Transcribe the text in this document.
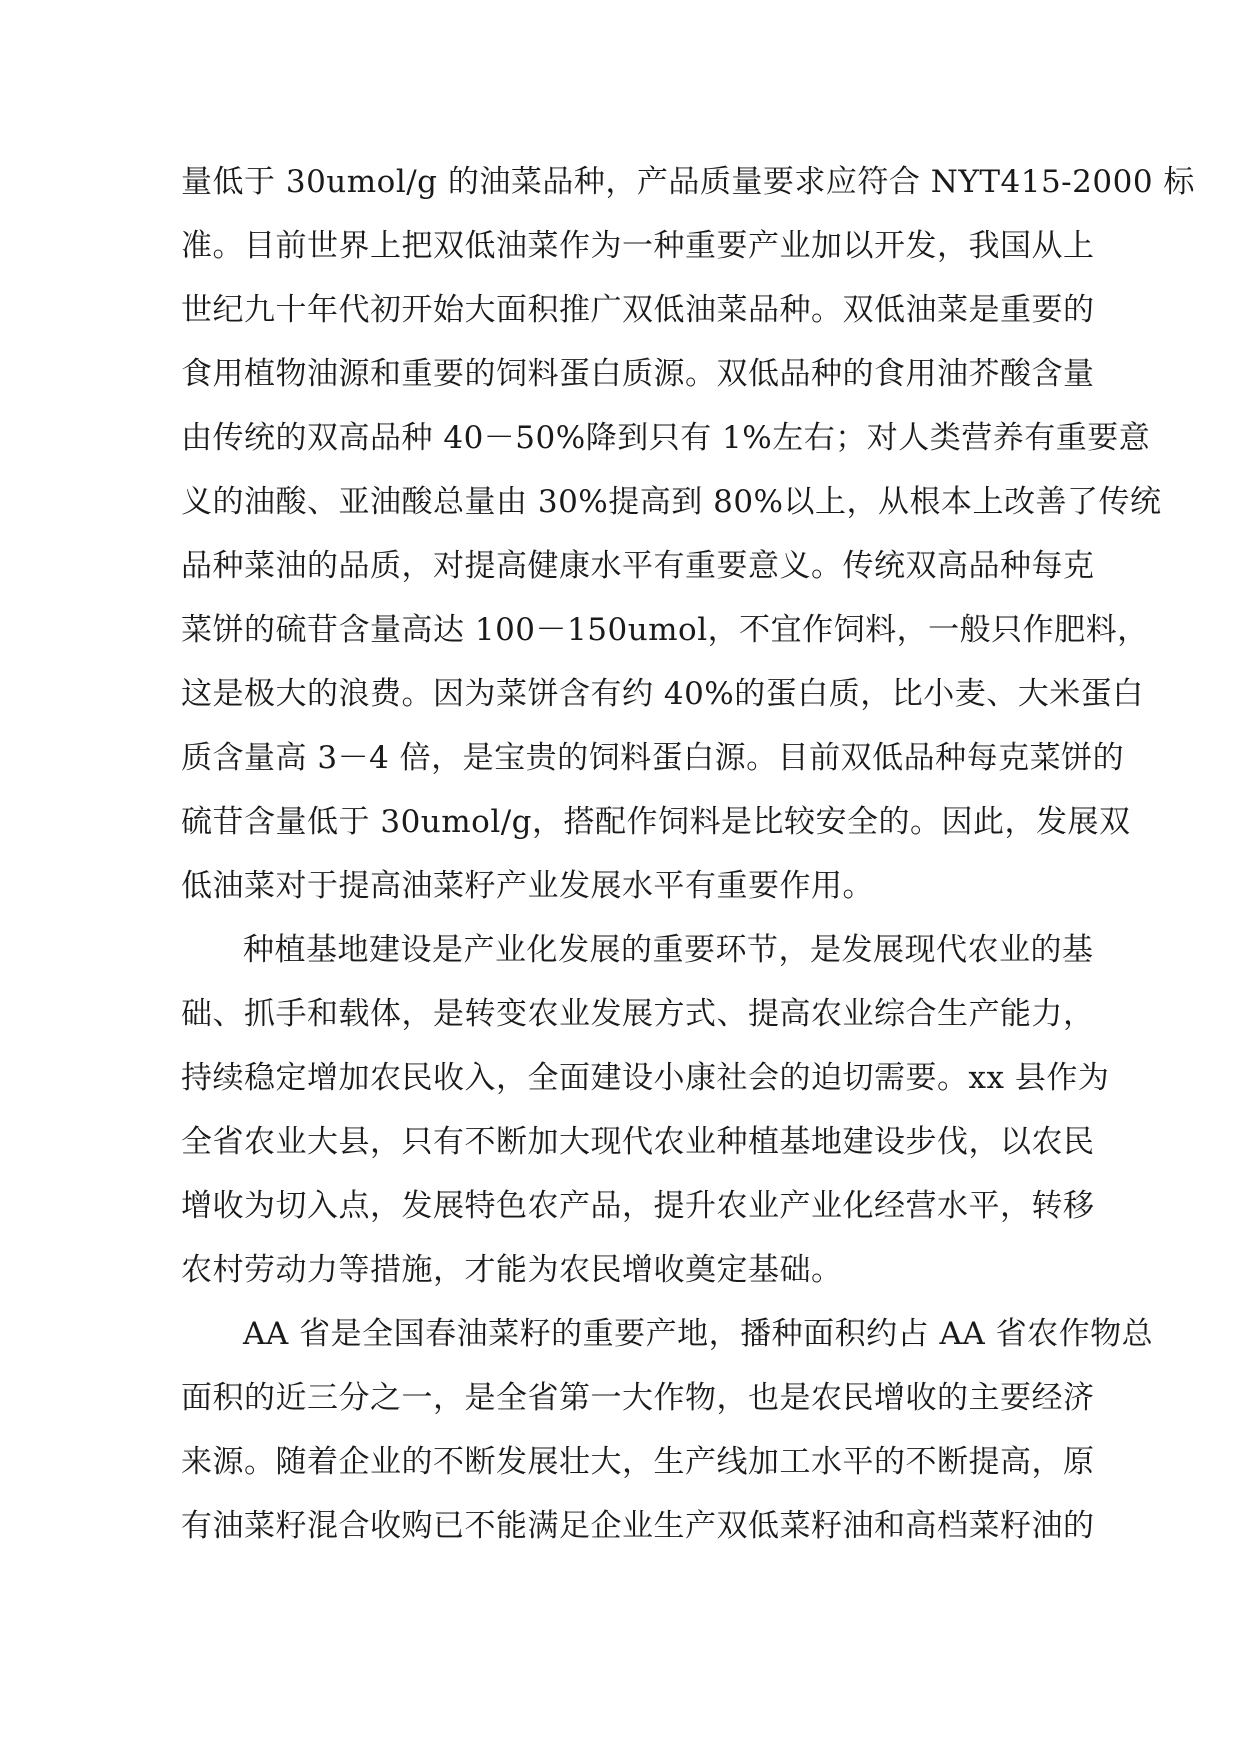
量低于 30umol/g 的油菜品种，产品质量要求应符合 NYT415-2000 标
准。目前世界上把双低油菜作为一种重要产业加以开发，我国从上
世纪九十年代初开始大面积推广双低油菜品种。双低油菜是重要的
食用植物油源和重要的饲料蛋白质源。双低品种的食用油芥酸含量
由传统的双高品种 40－50%降到只有 1%左右；对人类营养有重要意
义的油酸、亚油酸总量由 30%提高到 80%以上，从根本上改善了传统
品种菜油的品质，对提高健康水平有重要意义。传统双高品种每克
菜饼的硫苷含量高达 100－150umol，不宜作饲料，一般只作肥料，
这是极大的浪费。因为菜饼含有约 40%的蛋白质，比小麦、大米蛋白
质含量高 3－4 倍，是宝贵的饲料蛋白源。目前双低品种每克菜饼的
硫苷含量低于 30umol/g，搭配作饲料是比较安全的。因此，发展双
低油菜对于提高油菜籽产业发展水平有重要作用。
种植基地建设是产业化发展的重要环节，是发展现代农业的基
础、抓手和载体，是转变农业发展方式、提高农业综合生产能力，
持续稳定增加农民收入，全面建设小康社会的迫切需要。xx 县作为
全省农业大县，只有不断加大现代农业种植基地建设步伐，以农民
增收为切入点，发展特色农产品，提升农业产业化经营水平，转移
农村劳动力等措施，才能为农民增收奠定基础。
AA 省是全国春油菜籽的重要产地，播种面积约占 AA 省农作物总
面积的近三分之一，是全省第一大作物，也是农民增收的主要经济
来源。随着企业的不断发展壮大，生产线加工水平的不断提高，原
有油菜籽混合收购已不能满足企业生产双低菜籽油和高档菜籽油的
